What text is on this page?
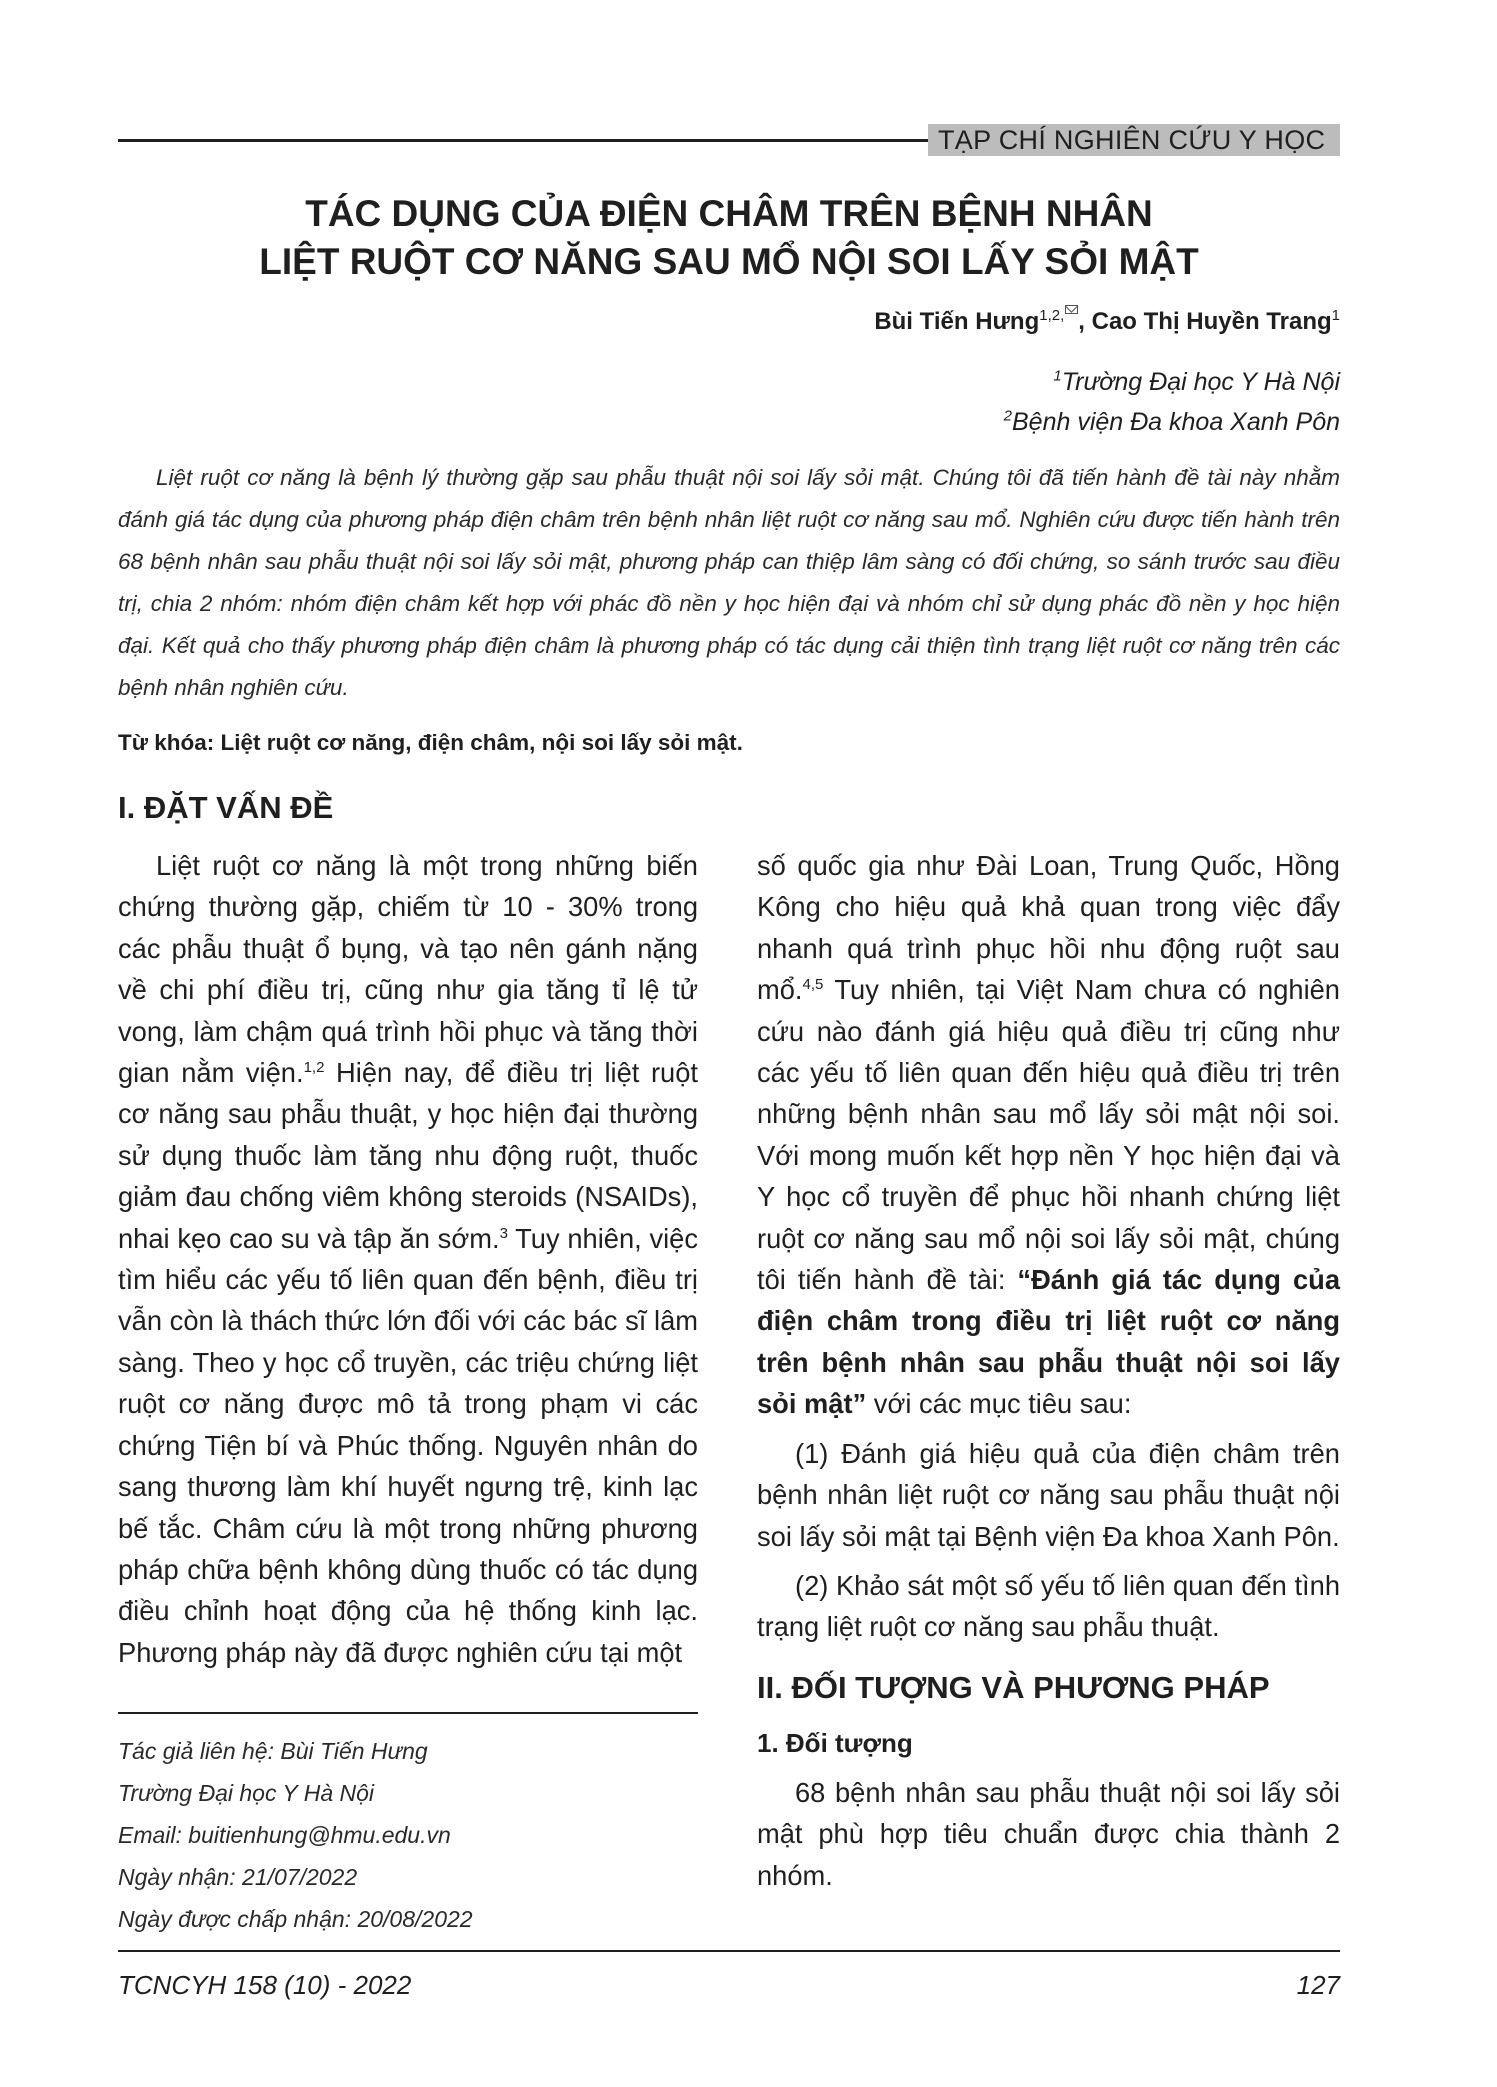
TẠP CHÍ NGHIÊN CỨU Y HỌC
TÁC DỤNG CỦA ĐIỆN CHÂM TRÊN BỆNH NHÂN
LIỆT RUỘT CƠ NĂNG SAU MỔ NỘI SOI LẤY SỎI MẬT
Bùi Tiến Hưng$^{1,2,}$ , Cao Thị Huyền Trang$^1$
$^1$Trường Đại học Y Hà Nội
$^2$Bệnh viện Đa khoa Xanh Pôn

Liệt ruột cơ năng là bệnh lý thường gặp sau phẫu thuật nội soi lấy sỏi mật. Chúng tôi đã tiến hành đề tài này nhằm đánh giá tác dụng của phương pháp điện châm trên bệnh nhân liệt ruột cơ năng sau mổ. Nghiên cứu được tiến hành trên 68 bệnh nhân sau phẫu thuật nội soi lấy sỏi mật, phương pháp can thiệp lâm sàng có đối chứng, so sánh trước sau điều trị, chia 2 nhóm: nhóm điện châm kết hợp với phác đồ nền y học hiện đại và nhóm chỉ sử dụng phác đồ nền y học hiện đại. Kết quả cho thấy phương pháp điện châm là phương pháp có tác dụng cải thiện tình trạng liệt ruột cơ năng trên các bệnh nhân nghiên cứu.

Từ khóa: Liệt ruột cơ năng, điện châm, nội soi lấy sỏi mật.
I. ĐẶT VẤN ĐỀ

Liệt ruột cơ năng là một trong những biến chứng thường gặp, chiếm từ 10 - 30% trong các phẫu thuật ổ bụng, và tạo nên gánh nặng về chi phí điều trị, cũng như gia tăng tỉ lệ tử vong, làm chậm quá trình hồi phục và tăng thời gian nằm viện.$^{1,2}$ Hiện nay, để điều trị liệt ruột cơ năng sau phẫu thuật, y học hiện đại thường sử dụng thuốc làm tăng nhu động ruột, thuốc giảm đau chống viêm không steroids (NSAIDs), nhai kẹo cao su và tập ăn sớm.$^3$ Tuy nhiên, việc tìm hiểu các yếu tố liên quan đến bệnh, điều trị vẫn còn là thách thức lớn đối với các bác sĩ lâm sàng. Theo y học cổ truyền, các triệu chứng liệt ruột cơ năng được mô tả trong phạm vi các chứng Tiện bí và Phúc thống. Nguyên nhân do sang thương làm khí huyết ngưng trệ, kinh lạc bế tắc. Châm cứu là một trong những phương pháp chữa bệnh không dùng thuốc có tác dụng điều chỉnh hoạt động của hệ thống kinh lạc. Phương pháp này đã được nghiên cứu tại một

số quốc gia như Đài Loan, Trung Quốc, Hồng Kông cho hiệu quả khả quan trong việc đẩy nhanh quá trình phục hồi nhu động ruột sau mổ.$^{4,5}$ Tuy nhiên, tại Việt Nam chưa có nghiên cứu nào đánh giá hiệu quả điều trị cũng như các yếu tố liên quan đến hiệu quả điều trị trên những bệnh nhân sau mổ lấy sỏi mật nội soi. Với mong muốn kết hợp nền Y học hiện đại và Y học cổ truyền để phục hồi nhanh chứng liệt ruột cơ năng sau mổ nội soi lấy sỏi mật, chúng tôi tiến hành đề tài: “Đánh giá tác dụng của điện châm trong điều trị liệt ruột cơ năng trên bệnh nhân sau phẫu thuật nội soi lấy sỏi mật” với các mục tiêu sau:

(1) Đánh giá hiệu quả của điện châm trên bệnh nhân liệt ruột cơ năng sau phẫu thuật nội soi lấy sỏi mật tại Bệnh viện Đa khoa Xanh Pôn.

(2) Khảo sát một số yếu tố liên quan đến tình trạng liệt ruột cơ năng sau phẫu thuật.

II. ĐỐI TƯỢNG VÀ PHƯƠNG PHÁP
1. Đối tượng

68 bệnh nhân sau phẫu thuật nội soi lấy sỏi mật phù hợp tiêu chuẩn được chia thành 2 nhóm.

Tác giả liên hệ: Bùi Tiến Hưng
Trường Đại học Y Hà Nội
Email: buitienhung@hmu.edu.vn
Ngày nhận: 21/07/2022
Ngày được chấp nhận: 20/08/2022
TCNCYH 158 (10) - 2022	127
